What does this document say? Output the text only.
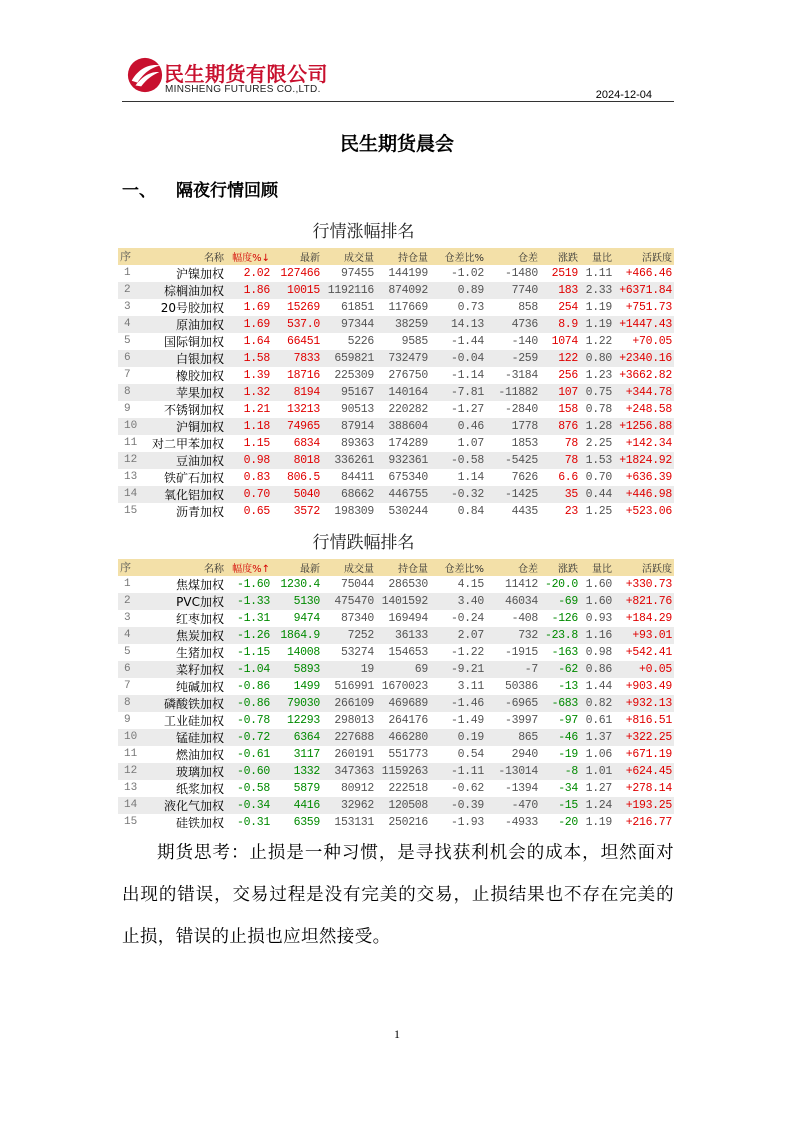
民生期货有限公司
MINSHENG FUTURES CO.,LTD.	2024-12-04
民生期货晨会
一、 隔夜行情回顾
行情涨幅排名
序	名称	幅度%↓	最新	成交量	持仓量	仓差比%	仓差	涨跌	量比	活跃度
1	沪镍加权	2.02	127466	97455	144199	-1.02	-1480	2519	1.11	+466.46
2	棕榈油加权	1.86	10015	1192116	874092	0.89	7740	183	2.33	+6371.84
3	20号胶加权	1.69	15269	61851	117669	0.73	858	254	1.19	+751.73
4	原油加权	1.69	537.0	97344	38259	14.13	4736	8.9	1.19	+1447.43
5	国际铜加权	1.64	66451	5226	9585	-1.44	-140	1074	1.22	+70.05
6	白银加权	1.58	7833	659821	732479	-0.04	-259	122	0.80	+2340.16
7	橡胶加权	1.39	18716	225309	276750	-1.14	-3184	256	1.23	+3662.82
8	苹果加权	1.32	8194	95167	140164	-7.81	-11882	107	0.75	+344.78
9	不锈钢加权	1.21	13213	90513	220282	-1.27	-2840	158	0.78	+248.58
10	沪铜加权	1.18	74965	87914	388604	0.46	1778	876	1.28	+1256.88
11	对二甲苯加权	1.15	6834	89363	174289	1.07	1853	78	2.25	+142.34
12	豆油加权	0.98	8018	336261	932361	-0.58	-5425	78	1.53	+1824.92
13	铁矿石加权	0.83	806.5	84411	675340	1.14	7626	6.6	0.70	+636.39
14	氧化铝加权	0.70	5040	68662	446755	-0.32	-1425	35	0.44	+446.98
15	沥青加权	0.65	3572	198309	530244	0.84	4435	23	1.25	+523.06
行情跌幅排名
序	名称	幅度%↑	最新	成交量	持仓量	仓差比%	仓差	涨跌	量比	活跃度
1	焦煤加权	-1.60	1230.4	75044	286530	4.15	11412	-20.0	1.60	+330.73
2	PVC加权	-1.33	5130	475470	1401592	3.40	46034	-69	1.60	+821.76
3	红枣加权	-1.31	9474	87340	169494	-0.24	-408	-126	0.93	+184.29
4	焦炭加权	-1.26	1864.9	7252	36133	2.07	732	-23.8	1.16	+93.01
5	生猪加权	-1.15	14008	53274	154653	-1.22	-1915	-163	0.98	+542.41
6	菜籽加权	-1.04	5893	19	69	-9.21	-7	-62	0.86	+0.05
7	纯碱加权	-0.86	1499	516991	1670023	3.11	50386	-13	1.44	+903.49
8	磷酸铁加权	-0.86	79030	266109	469689	-1.46	-6965	-683	0.82	+932.13
9	工业硅加权	-0.78	12293	298013	264176	-1.49	-3997	-97	0.61	+816.51
10	锰硅加权	-0.72	6364	227688	466280	0.19	865	-46	1.37	+322.25
11	燃油加权	-0.61	3117	260191	551773	0.54	2940	-19	1.06	+671.19
12	玻璃加权	-0.60	1332	347363	1159263	-1.11	-13014	-8	1.01	+624.45
13	纸浆加权	-0.58	5879	80912	222518	-0.62	-1394	-34	1.27	+278.14
14	液化气加权	-0.34	4416	32962	120508	-0.39	-470	-15	1.24	+193.25
15	硅铁加权	-0.31	6359	153131	250216	-1.93	-4933	-20	1.19	+216.77

期货思考：止损是一种习惯，是寻找获利机会的成本，坦然面对出现的错误，交易过程是没有完美的交易，止损结果也不存在完美的止损，错误的止损也应坦然接受。

1
